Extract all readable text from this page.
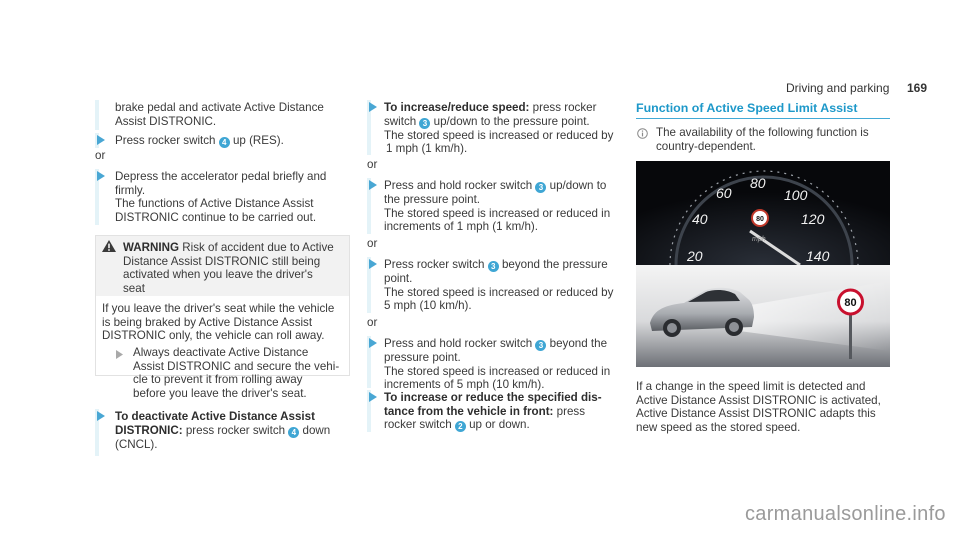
Driving and parking 169

brake pedal and activate Active Distance Assist DISTRONIC.

Press rocker switch 4 up (RES).

or

Depress the accelerator pedal briefly and

firmly.

The functions of Active Distance Assist

DISTRONIC continue to be carried out.

WARNING Risk of accident due to Active

Distance Assist DISTRONIC still being

activated when you leave the driver's

seat

If you leave the driver's seat while the vehicle

is being braked by Active Distance Assist

DISTRONIC only, the vehicle can roll away.

Always deactivate Active Distance

Assist DISTRONIC and secure the vehi-

cle to prevent it from rolling away

before you leave the driver's seat.

To deactivate Active Distance Assist

DISTRONIC: press rocker switch 4 down

(CNCL).

To increase/reduce speed: press rocker

switch 3 up/down to the pressure point.

The stored speed is increased or reduced by

1 mph (1 km/h).

or

Press and hold rocker switch 3 up/down to

the pressure point.

The stored speed is increased or reduced in

increments of 1 mph (1 km/h).

or

Press rocker switch 3 beyond the pressure

point.

The stored speed is increased or reduced by

5 mph (10 km/h).

or

Press and hold rocker switch 3 beyond the

pressure point.

The stored speed is increased or reduced in

increments of 5 mph (10 km/h).

To increase or reduce the specified dis-

tance from the vehicle in front: press

rocker switch 2 up or down.

Function of Active Speed Limit Assist

The availability of the following function is

country-dependent.

20
40
60
80
100
120
140
80
mph
80

If a change in the speed limit is detected and

Active Distance Assist DISTRONIC is activated,

Active Distance Assist DISTRONIC adapts this

new speed as the stored speed.

carmanualsonline.info
